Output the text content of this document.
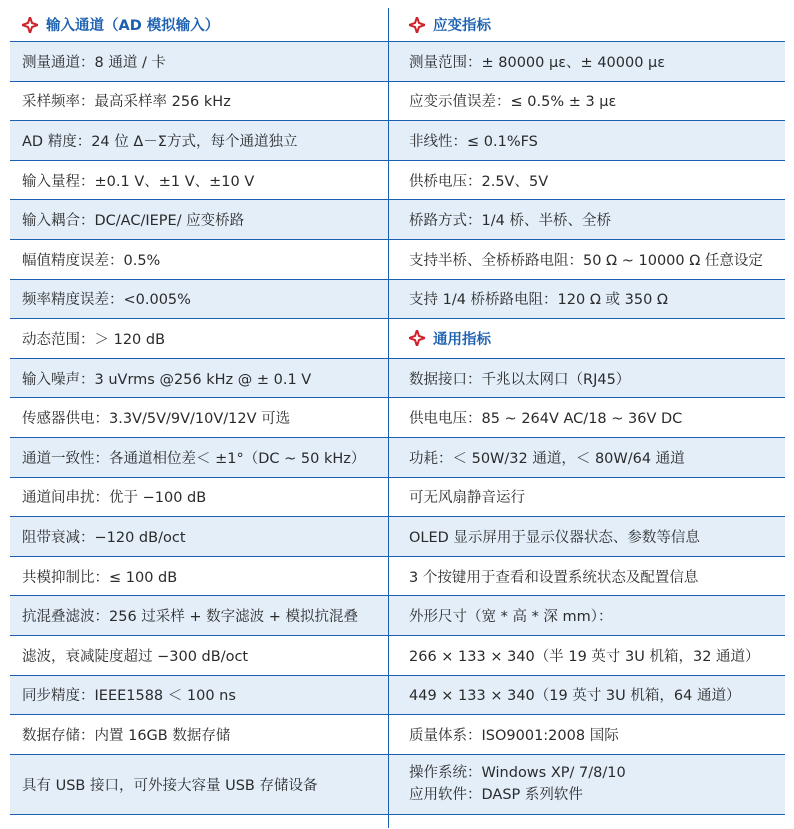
输入通道（AD 模拟输入）
测量通道：8 通道 / 卡
采样频率：最高采样率 256 kHz
AD 精度：24 位 Δ－Σ方式，每个通道独立
输入量程：±0.1 V、±1 V、±10 V
输入耦合：DC/AC/IEPE/ 应变桥路
幅值精度误差：0.5%
频率精度误差：<0.005%
动态范围：＞ 120 dB
输入噪声：3 uVrms @256 kHz @ ± 0.1 V
传感器供电：3.3V/5V/9V/10V/12V 可选
通道一致性：各通道相位差＜ ±1°（DC ~ 50 kHz）
通道间串扰：优于 −100 dB
阻带衰减：−120 dB/oct
共模抑制比：≤ 100 dB
抗混叠滤波：256 过采样 + 数字滤波 + 模拟抗混叠
滤波，衰减陡度超过 −300 dB/oct
同步精度：IEEE1588 ＜ 100 ns
数据存储：内置 16GB 数据存储
具有 USB 接口，可外接大容量 USB 存储设备
应变指标
测量范围：± 80000 με、± 40000 με
应变示值误差：≤ 0.5% ± 3 με
非线性：≤ 0.1%FS
供桥电压：2.5V、5V
桥路方式：1/4 桥、半桥、全桥
支持半桥、全桥桥路电阻：50 Ω ~ 10000 Ω 任意设定
支持 1/4 桥桥路电阻：120 Ω 或 350 Ω
通用指标
数据接口：千兆以太网口（RJ45）
供电电压：85 ~ 264V AC/18 ~ 36V DC
功耗：＜ 50W/32 通道，＜ 80W/64 通道
可无风扇静音运行
OLED 显示屏用于显示仪器状态、参数等信息
3 个按键用于查看和设置系统状态及配置信息
外形尺寸（宽 * 高 * 深 mm）：
266 × 133 × 340（半 19 英寸 3U 机箱，32 通道）
449 × 133 × 340（19 英寸 3U 机箱，64 通道）
质量体系：ISO9001:2008 国际
操作系统：Windows XP/ 7/8/10
应用软件：DASP 系列软件
